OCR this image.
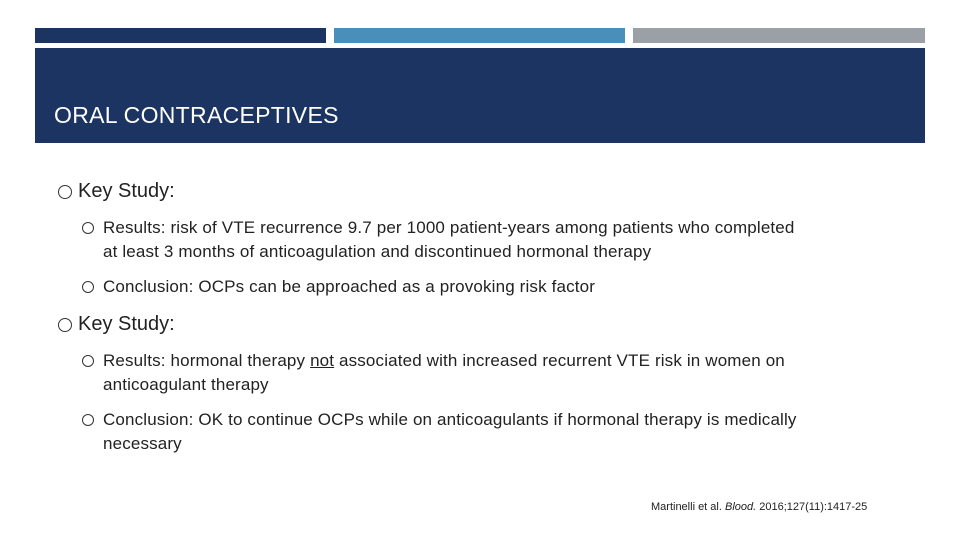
ORAL CONTRACEPTIVES
Key Study:
Results: risk of VTE recurrence 9.7 per 1000 patient-years among patients who completed
at least 3 months of anticoagulation and discontinued hormonal therapy
Conclusion: OCPs can be approached as a provoking risk factor
Key Study:
Results: hormonal therapy not associated with increased recurrent VTE risk in women on
anticoagulant therapy
Conclusion: OK to continue OCPs while on anticoagulants if hormonal therapy is medically
necessary
Martinelli et al. Blood. 2016;127(11):1417-25
